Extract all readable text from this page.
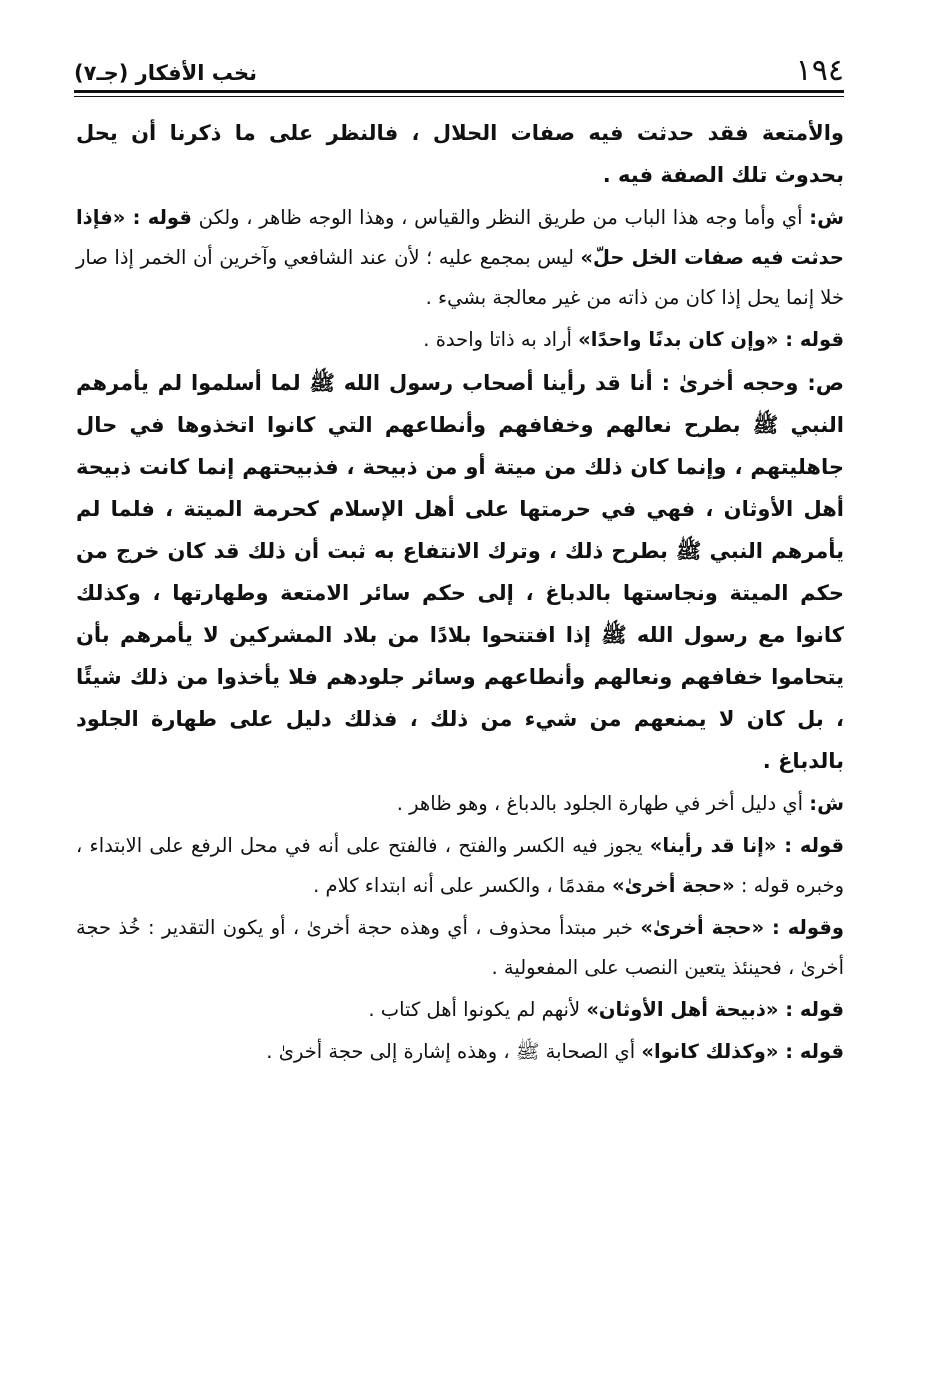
١٩٤
نخب الأفكار (جـ٧)

والأمتعة فقد حدثت فيه صفات الحلال ، فالنظر على ما ذكرنا أن يحل بحدوث تلك الصفة فيه .

ش: أي وأما وجه هذا الباب من طريق النظر والقياس ، وهذا الوجه ظاهر ، ولكن قوله : «فإذا حدثت فيه صفات الخل حلّ» ليس بمجمع عليه ؛ لأن عند الشافعي وآخرين أن الخمر إذا صار خلا إنما يحل إذا كان من ذاته من غير معالجة بشيء .

قوله : «وإن كان بدنًا واحدًا» أراد به ذاتا واحدة .

ص: وحجه أخرىٰ : أنا قد رأينا أصحاب رسول الله ﷺ لما أسلموا لم يأمرهم النبي ﷺ بطرح نعالهم وخفافهم وأنطاعهم التي كانوا اتخذوها في حال جاهليتهم ، وإنما كان ذلك من ميتة أو من ذبيحة ، فذبيحتهم إنما كانت ذبيحة أهل الأوثان ، فهي في حرمتها على أهل الإسلام كحرمة الميتة ، فلما لم يأمرهم النبي ﷺ بطرح ذلك ، وترك الانتفاع به ثبت أن ذلك قد كان خرج من حكم الميتة ونجاستها بالدباغ ، إلى حكم سائر الامتعة وطهارتها ، وكذلك كانوا مع رسول الله ﷺ إذا افتتحوا بلادًا من بلاد المشركين لا يأمرهم بأن يتحاموا خفافهم ونعالهم وأنطاعهم وسائر جلودهم فلا يأخذوا من ذلك شيئًا ، بل كان لا يمنعهم من شيء من ذلك ، فذلك دليل على طهارة الجلود بالدباغ .

ش: أي دليل أخر في طهارة الجلود بالدباغ ، وهو ظاهر .

قوله : «إنا قد رأينا» يجوز فيه الكسر والفتح ، فالفتح على أنه في محل الرفع على الابتداء ، وخبره قوله : «حجة أخرىٰ» مقدمًا ، والكسر على أنه ابتداء كلام .

وقوله : «حجة أخرىٰ» خبر مبتدأ محذوف ، أي وهذه حجة أخرىٰ ، أو يكون التقدير : خُذ حجة أخرىٰ ، فحينئذ يتعين النصب على المفعولية .

قوله : «ذبيحة أهل الأوثان» لأنهم لم يكونوا أهل كتاب .

قوله : «وكذلك كانوا» أي الصحابة ﷺ ، وهذه إشارة إلى حجة أخرىٰ .
